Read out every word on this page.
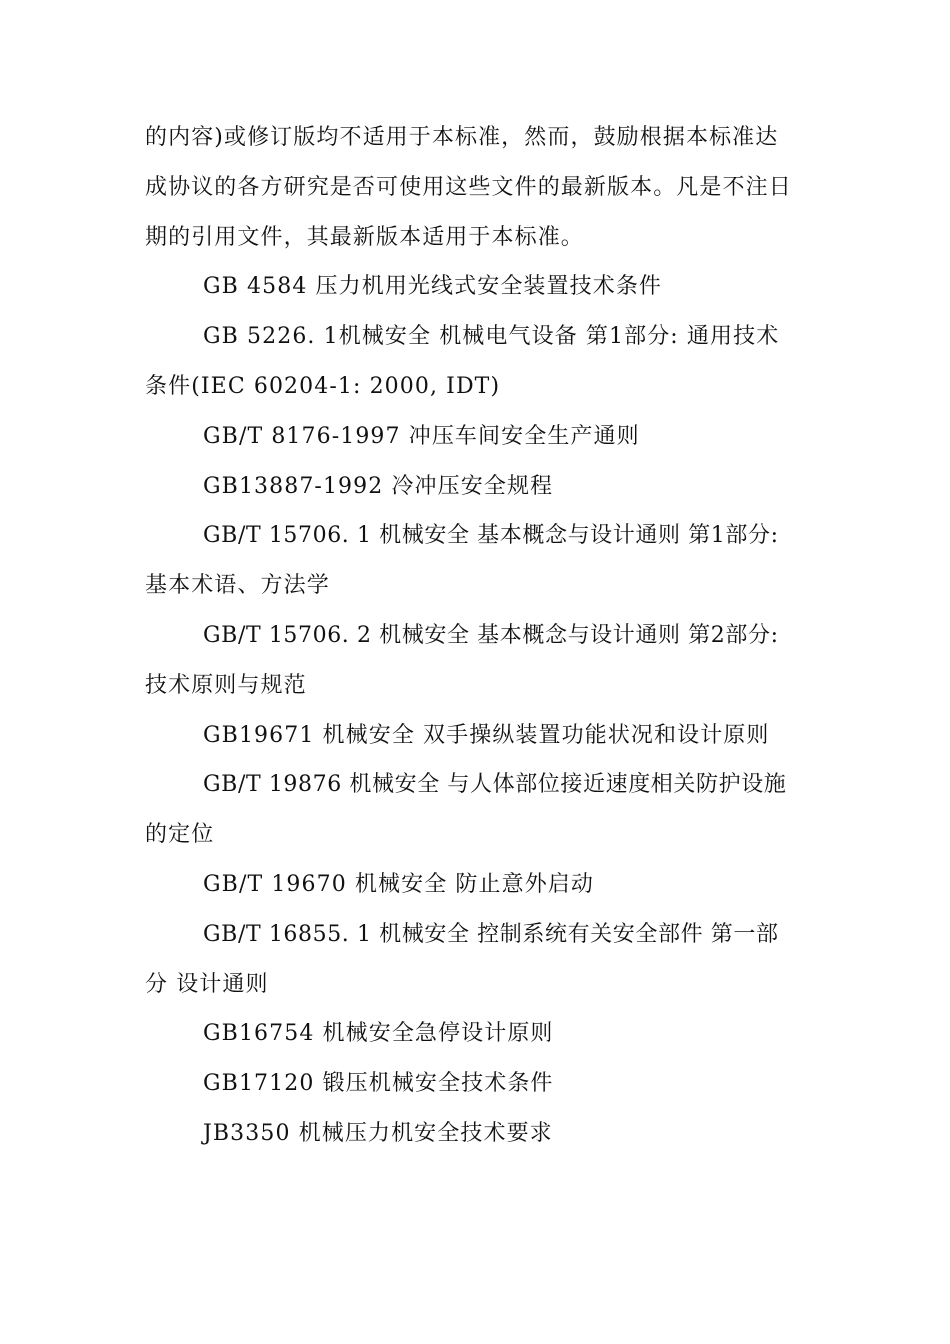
的内容)或修订版均不适用于本标准，然而，鼓励根据本标准达
成协议的各方研究是否可使用这些文件的最新版本。凡是不注日
期的引用文件，其最新版本适用于本标准。
GB 4584 压力机用光线式安全装置技术条件
GB 5226. 1机械安全 机械电气设备 第1部分: 通用技术
条件(IEC 60204-1: 2000, IDT)
GB/T 8176-1997 冲压车间安全生产通则
GB13887-1992 冷冲压安全规程
GB/T 15706. 1 机械安全 基本概念与设计通则 第1部分:
基本术语、方法学
GB/T 15706. 2 机械安全 基本概念与设计通则 第2部分:
技术原则与规范
GB19671 机械安全 双手操纵装置功能状况和设计原则
GB/T 19876 机械安全 与人体部位接近速度相关防护设施
的定位
GB/T 19670 机械安全 防止意外启动
GB/T 16855. 1 机械安全 控制系统有关安全部件 第一部
分 设计通则
GB16754 机械安全急停设计原则
GB17120 锻压机械安全技术条件
JB3350 机械压力机安全技术要求
